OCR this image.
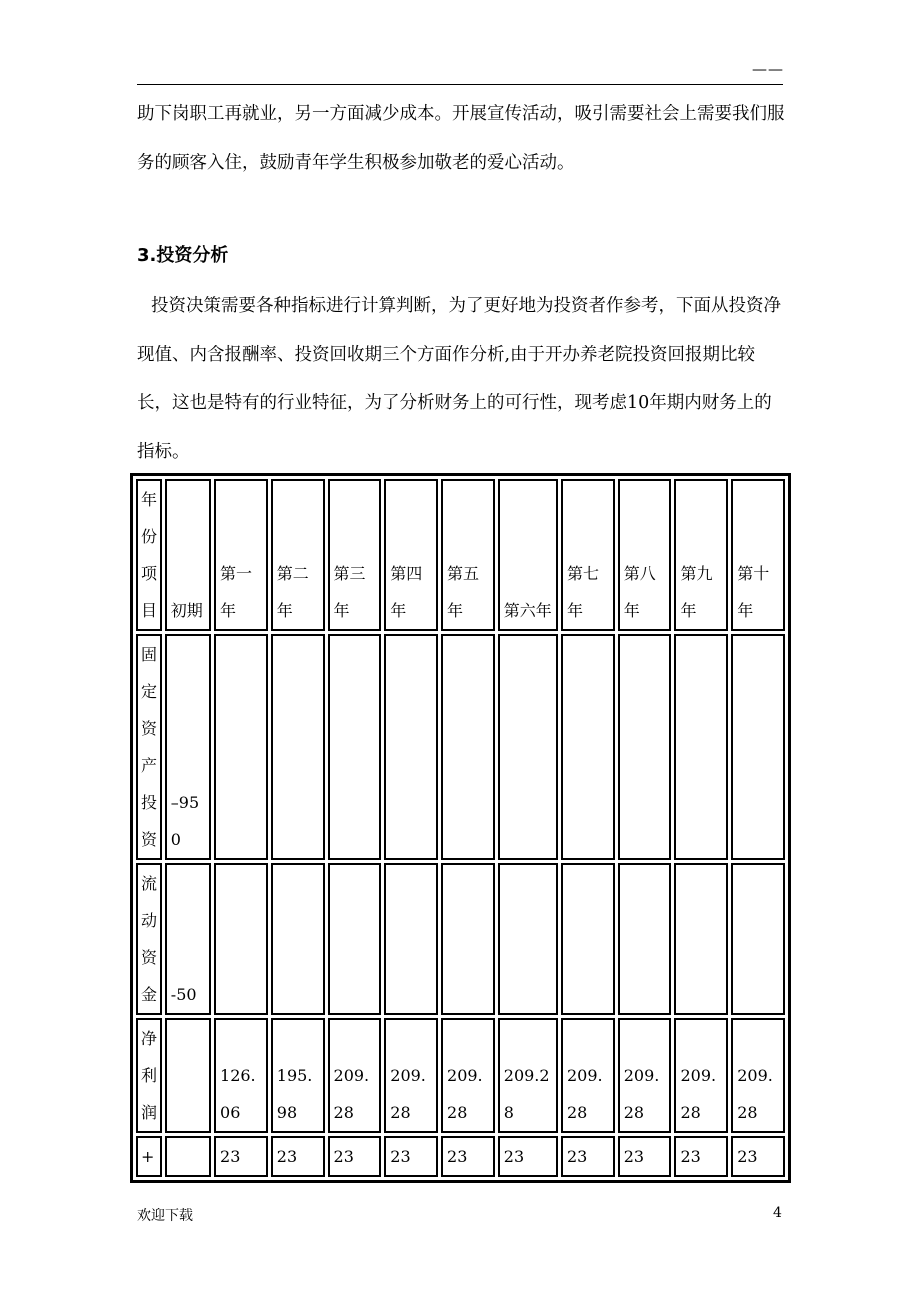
——

助下岗职工再就业，另一方面减少成本。开展宣传活动，吸引需要社会上需要我们服务的顾客入住，鼓励青年学生积极参加敬老的爱心活动。

3.投资分析

投资决策需要各种指标进行计算判断，为了更好地为投资者作参考，下面从投资净现值、内含报酬率、投资回收期三个方面作分析,由于开办养老院投资回报期比较长，这也是特有的行业特征，为了分析财务上的可行性，现考虑10年期内财务上的指标。

年份项目	初期	第一年	第二年	第三年	第四年	第五年	第六年	第七年	第八年	第九年	第十年
固定资产投资	–950										
流动资金	-50										
净利润		126.06	195.98	209.28	209.28	209.28	209.28	209.28	209.28	209.28	209.28
+		23	23	23	23	23	23	23	23	23	23
欢迎下载	4
